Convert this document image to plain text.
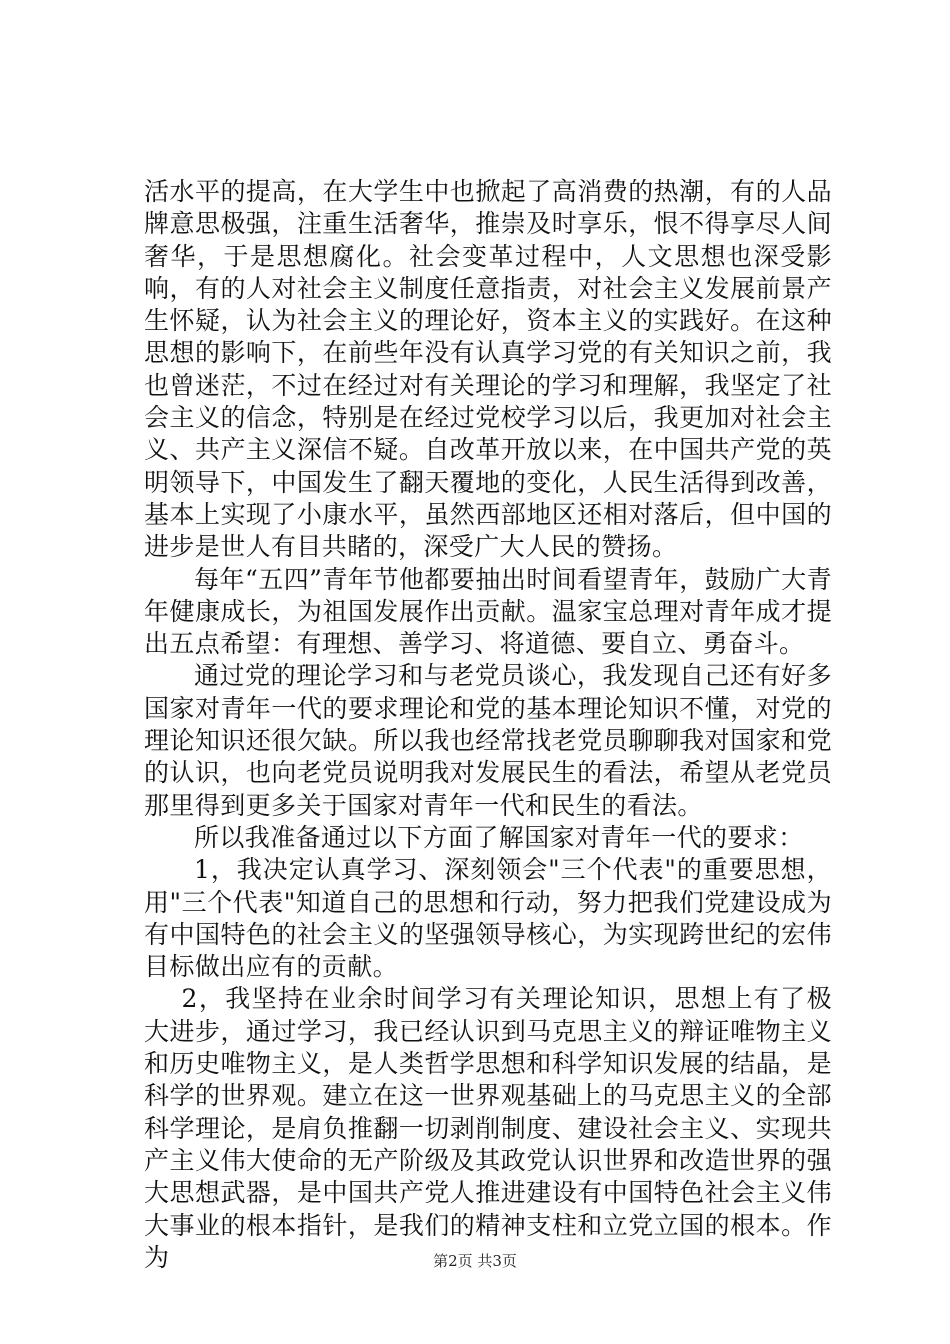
活水平的提高，在大学生中也掀起了高消费的热潮，有的人品牌意思极强，注重生活奢华，推崇及时享乐，恨不得享尽人间奢华，于是思想腐化。社会变革过程中，人文思想也深受影响，有的人对社会主义制度任意指责，对社会主义发展前景产生怀疑，认为社会主义的理论好，资本主义的实践好。在这种思想的影响下，在前些年没有认真学习党的有关知识之前，我也曾迷茫，不过在经过对有关理论的学习和理解，我坚定了社会主义的信念，特别是在经过党校学习以后，我更加对社会主义、共产主义深信不疑。自改革开放以来，在中国共产党的英明领导下，中国发生了翻天覆地的变化，人民生活得到改善，基本上实现了小康水平，虽然西部地区还相对落后，但中国的进步是世人有目共睹的，深受广大人民的赞扬。

每年“五四”青年节他都要抽出时间看望青年，鼓励广大青年健康成长，为祖国发展作出贡献。温家宝总理对青年成才提出五点希望：有理想、善学习、将道德、要自立、勇奋斗。

通过党的理论学习和与老党员谈心，我发现自己还有好多国家对青年一代的要求理论和党的基本理论知识不懂，对党的理论知识还很欠缺。所以我也经常找老党员聊聊我对国家和党的认识，也向老党员说明我对发展民生的看法，希望从老党员那里得到更多关于国家对青年一代和民生的看法。

所以我准备通过以下方面了解国家对青年一代的要求：

1，我决定认真学习、深刻领会"三个代表"的重要思想，用"三个代表"知道自己的思想和行动，努力把我们党建设成为有中国特色的社会主义的坚强领导核心，为实现跨世纪的宏伟目标做出应有的贡献。

2，我坚持在业余时间学习有关理论知识，思想上有了极大进步，通过学习，我已经认识到马克思主义的辩证唯物主义和历史唯物主义，是人类哲学思想和科学知识发展的结晶，是科学的世界观。建立在这一世界观基础上的马克思主义的全部科学理论，是肩负推翻一切剥削制度、建设社会主义、实现共产主义伟大使命的无产阶级及其政党认识世界和改造世界的强大思想武器，是中国共产党人推进建设有中国特色社会主义伟大事业的根本指针，是我们的精神支柱和立党立国的根本。作为	第2页 共3页
